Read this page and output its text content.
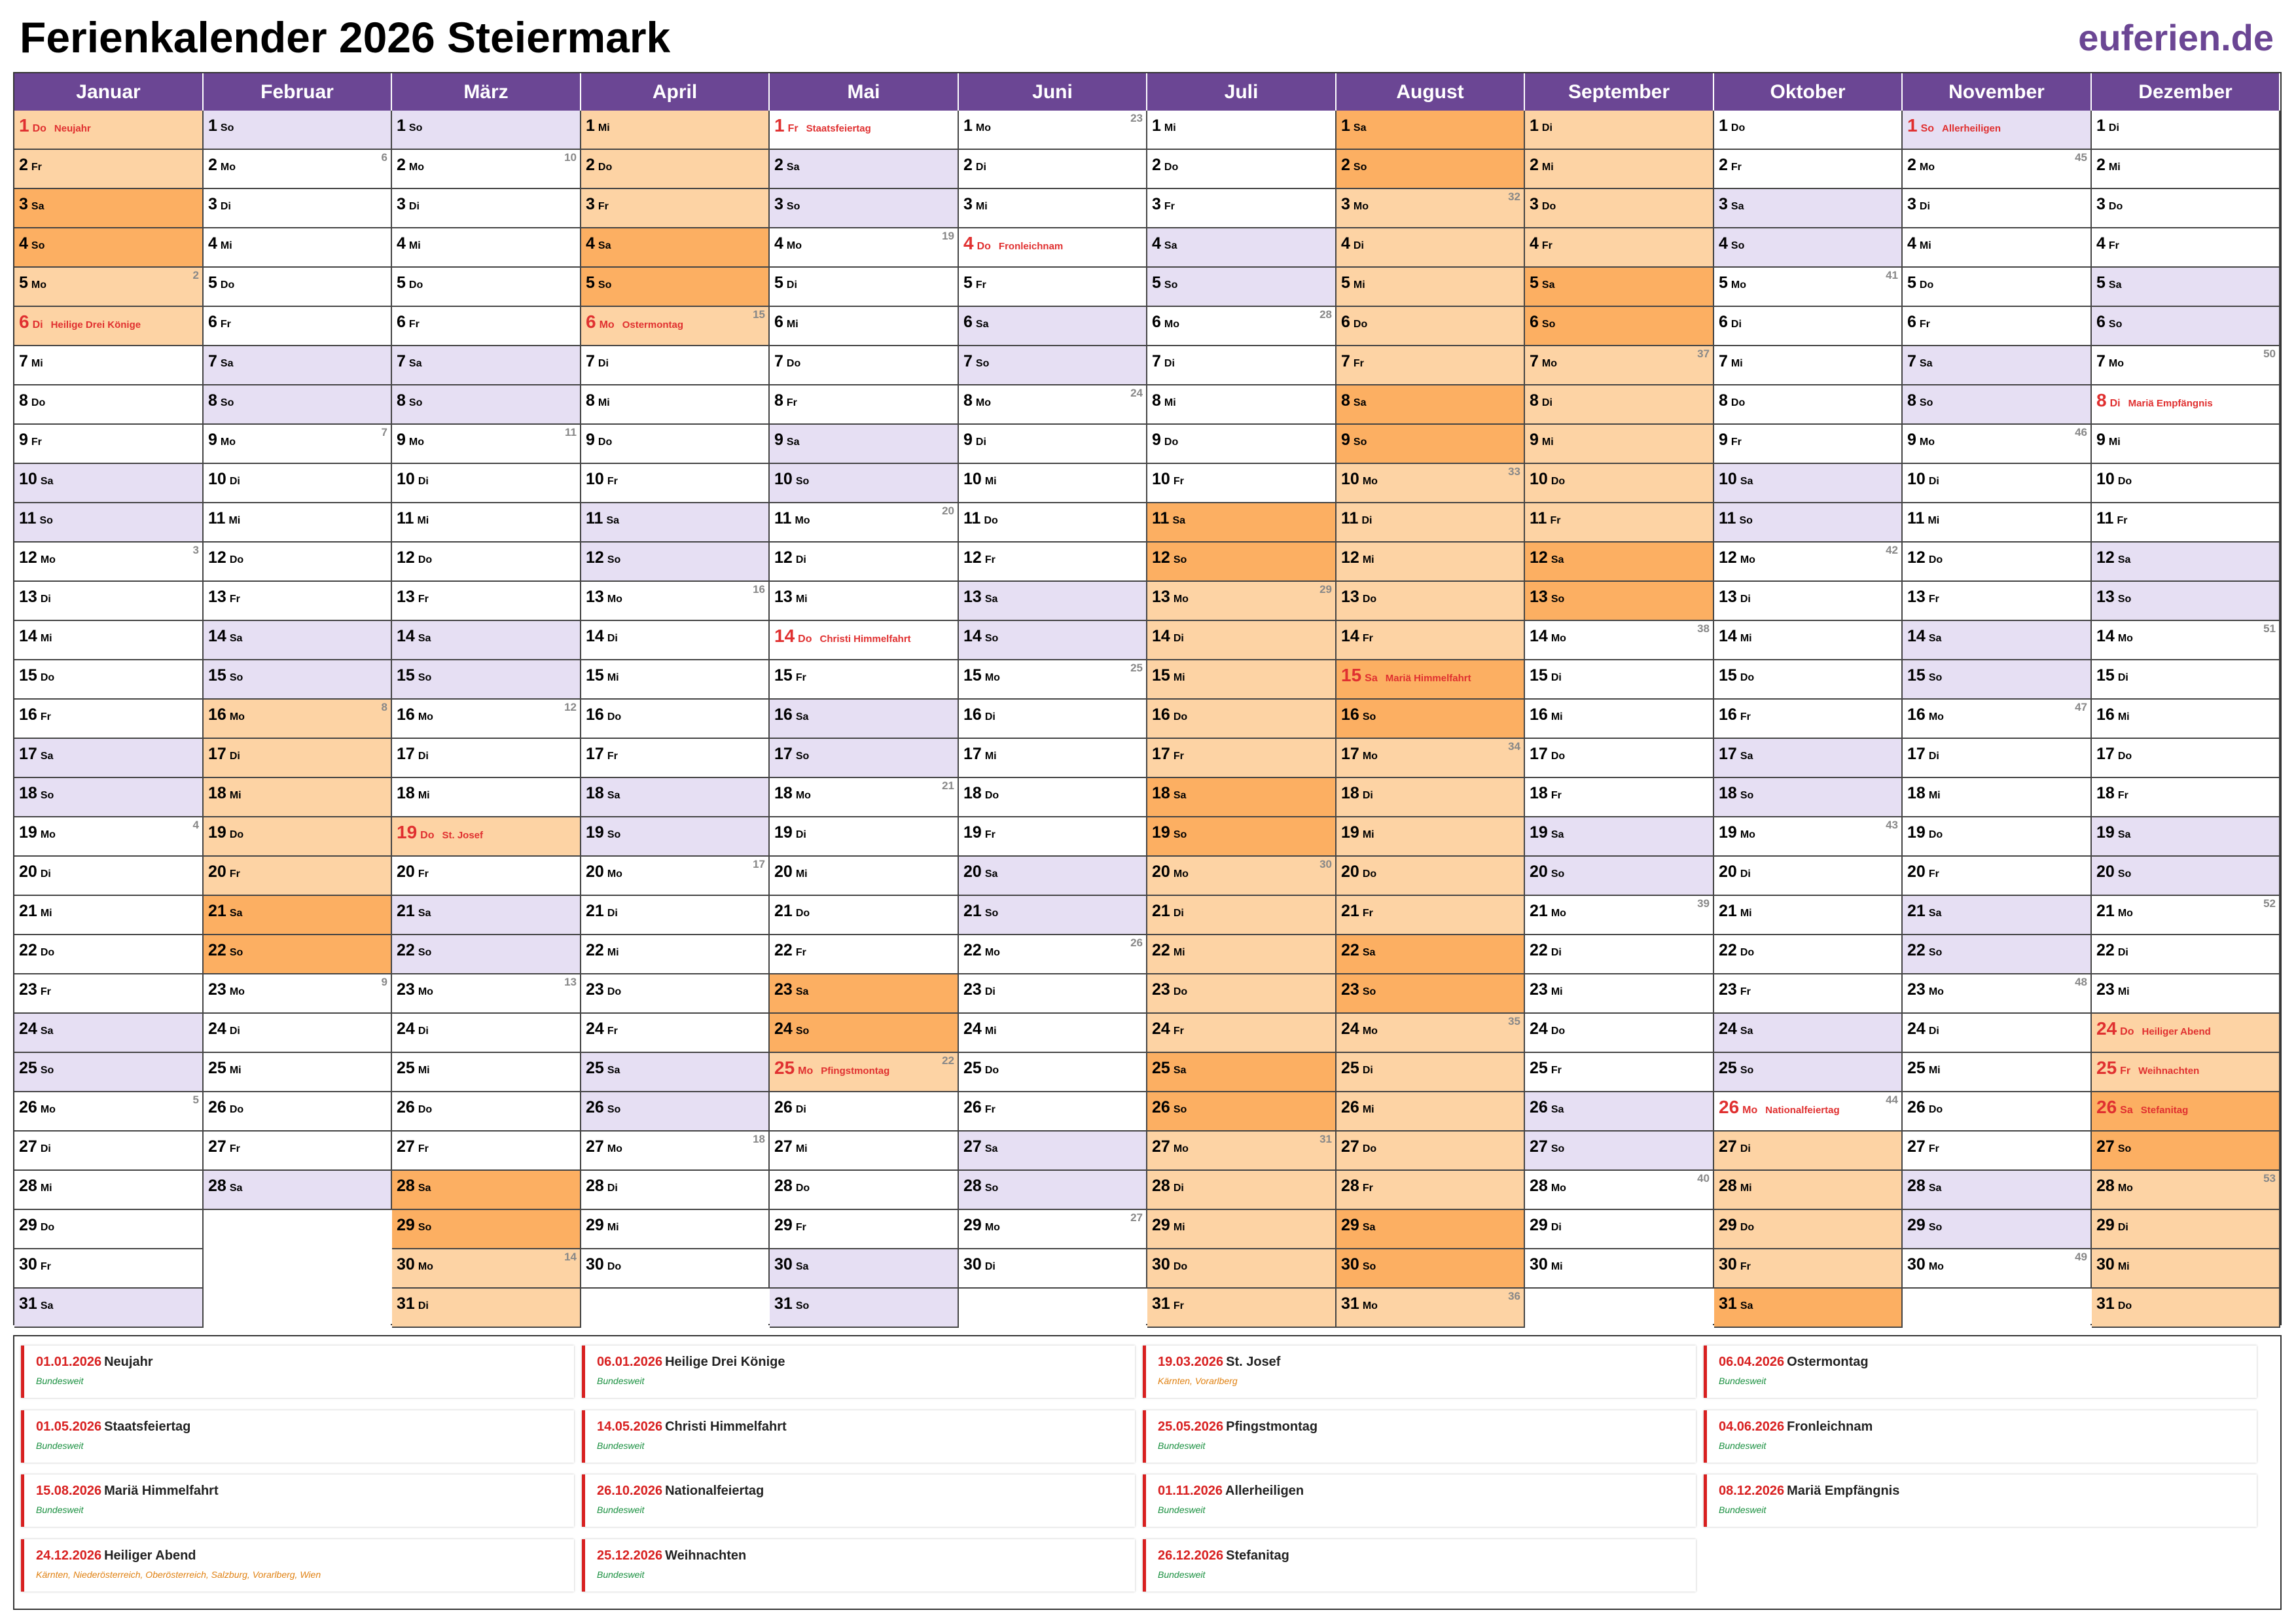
Ferienkalender 2026 Steiermark	euferien.de
Januar
1 Do Neujahr
2 Fr
3 Sa
4 So
5 Mo
2
6 Di Heilige Drei Könige
7 Mi
8 Do
9 Fr
10 Sa
11 So
12 Mo
3
13 Di
14 Mi
15 Do
16 Fr
17 Sa
18 So
19 Mo
4
20 Di
21 Mi
22 Do
23 Fr
24 Sa
25 So
26 Mo
5
27 Di
28 Mi
29 Do
30 Fr
31 Sa
Februar
1 So
2 Mo
6
3 Di
4 Mi
5 Do
6 Fr
7 Sa
8 So
9 Mo
7
10 Di
11 Mi
12 Do
13 Fr
14 Sa
15 So
16 Mo
8
17 Di
18 Mi
19 Do
20 Fr
21 Sa
22 So
23 Mo
9
24 Di
25 Mi
26 Do
27 Fr
28 Sa
März
1 So
2 Mo
10
3 Di
4 Mi
5 Do
6 Fr
7 Sa
8 So
9 Mo
11
10 Di
11 Mi
12 Do
13 Fr
14 Sa
15 So
16 Mo
12
17 Di
18 Mi
19 Do St. Josef
20 Fr
21 Sa
22 So
23 Mo
13
24 Di
25 Mi
26 Do
27 Fr
28 Sa
29 So
30 Mo
14
31 Di
April
1 Mi
2 Do
3 Fr
4 Sa
5 So
6 Mo Ostermontag
15
7 Di
8 Mi
9 Do
10 Fr
11 Sa
12 So
13 Mo
16
14 Di
15 Mi
16 Do
17 Fr
18 Sa
19 So
20 Mo
17
21 Di
22 Mi
23 Do
24 Fr
25 Sa
26 So
27 Mo
18
28 Di
29 Mi
30 Do
Mai
1 Fr Staatsfeiertag
2 Sa
3 So
4 Mo
19
5 Di
6 Mi
7 Do
8 Fr
9 Sa
10 So
11 Mo
20
12 Di
13 Mi
14 Do Christi Himmelfahrt
15 Fr
16 Sa
17 So
18 Mo
21
19 Di
20 Mi
21 Do
22 Fr
23 Sa
24 So
25 Mo Pfingstmontag
22
26 Di
27 Mi
28 Do
29 Fr
30 Sa
31 So
Juni
1 Mo
23
2 Di
3 Mi
4 Do Fronleichnam
5 Fr
6 Sa
7 So
8 Mo
24
9 Di
10 Mi
11 Do
12 Fr
13 Sa
14 So
15 Mo
25
16 Di
17 Mi
18 Do
19 Fr
20 Sa
21 So
22 Mo
26
23 Di
24 Mi
25 Do
26 Fr
27 Sa
28 So
29 Mo
27
30 Di
Juli
1 Mi
2 Do
3 Fr
4 Sa
5 So
6 Mo
28
7 Di
8 Mi
9 Do
10 Fr
11 Sa
12 So
13 Mo
29
14 Di
15 Mi
16 Do
17 Fr
18 Sa
19 So
20 Mo
30
21 Di
22 Mi
23 Do
24 Fr
25 Sa
26 So
27 Mo
31
28 Di
29 Mi
30 Do
31 Fr
August
1 Sa
2 So
3 Mo
32
4 Di
5 Mi
6 Do
7 Fr
8 Sa
9 So
10 Mo
33
11 Di
12 Mi
13 Do
14 Fr
15 Sa Mariä Himmelfahrt
16 So
17 Mo
34
18 Di
19 Mi
20 Do
21 Fr
22 Sa
23 So
24 Mo
35
25 Di
26 Mi
27 Do
28 Fr
29 Sa
30 So
31 Mo
36
September
1 Di
2 Mi
3 Do
4 Fr
5 Sa
6 So
7 Mo
37
8 Di
9 Mi
10 Do
11 Fr
12 Sa
13 So
14 Mo
38
15 Di
16 Mi
17 Do
18 Fr
19 Sa
20 So
21 Mo
39
22 Di
23 Mi
24 Do
25 Fr
26 Sa
27 So
28 Mo
40
29 Di
30 Mi
Oktober
1 Do
2 Fr
3 Sa
4 So
5 Mo
41
6 Di
7 Mi
8 Do
9 Fr
10 Sa
11 So
12 Mo
42
13 Di
14 Mi
15 Do
16 Fr
17 Sa
18 So
19 Mo
43
20 Di
21 Mi
22 Do
23 Fr
24 Sa
25 So
26 Mo Nationalfeiertag
44
27 Di
28 Mi
29 Do
30 Fr
31 Sa
November
1 So Allerheiligen
2 Mo
45
3 Di
4 Mi
5 Do
6 Fr
7 Sa
8 So
9 Mo
46
10 Di
11 Mi
12 Do
13 Fr
14 Sa
15 So
16 Mo
47
17 Di
18 Mi
19 Do
20 Fr
21 Sa
22 So
23 Mo
48
24 Di
25 Mi
26 Do
27 Fr
28 Sa
29 So
30 Mo
49
Dezember
1 Di
2 Mi
3 Do
4 Fr
5 Sa
6 So
7 Mo
50
8 Di Mariä Empfängnis
9 Mi
10 Do
11 Fr
12 Sa
13 So
14 Mo
51
15 Di
16 Mi
17 Do
18 Fr
19 Sa
20 So
21 Mo
52
22 Di
23 Mi
24 Do Heiliger Abend
25 Fr Weihnachten
26 Sa Stefanitag
27 So
28 Mo
53
29 Di
30 Mi
31 Do
01.01.2026 Neujahr
Bundesweit
06.01.2026 Heilige Drei Könige
Bundesweit
19.03.2026 St. Josef
Kärnten, Vorarlberg
06.04.2026 Ostermontag
Bundesweit
01.05.2026 Staatsfeiertag
Bundesweit
14.05.2026 Christi Himmelfahrt
Bundesweit
25.05.2026 Pfingstmontag
Bundesweit
04.06.2026 Fronleichnam
Bundesweit
15.08.2026 Mariä Himmelfahrt
Bundesweit
26.10.2026 Nationalfeiertag
Bundesweit
01.11.2026 Allerheiligen
Bundesweit
08.12.2026 Mariä Empfängnis
Bundesweit
24.12.2026 Heiliger Abend
Kärnten, Niederösterreich, Oberösterreich, Salzburg, Vorarlberg, Wien
25.12.2026 Weihnachten
Bundesweit
26.12.2026 Stefanitag
Bundesweit
